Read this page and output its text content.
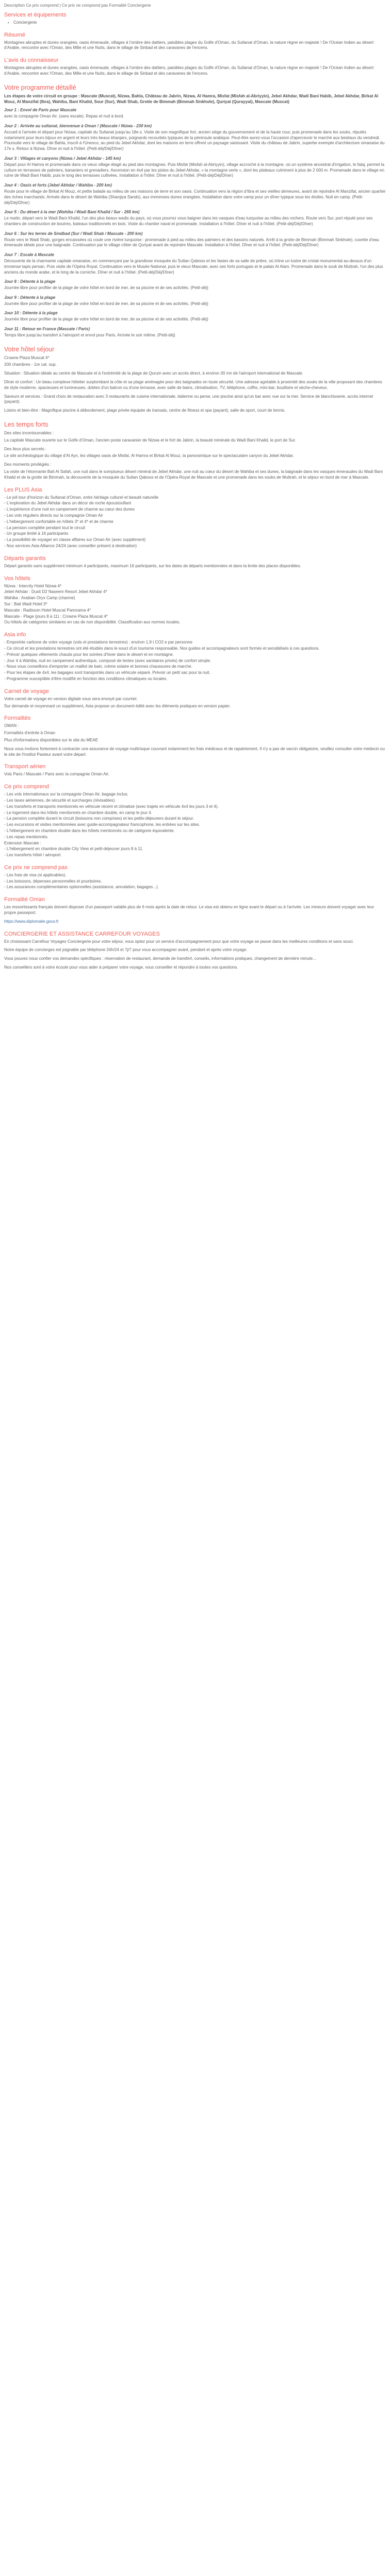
Description Ce prix comprend | Ce prix ne comprend pas Formalité Conciergerie
Services et équipements
• Conciergerie
Résumé
Montagnes abruptes et dunes orangées, oasis émeraude, villages à l'ombre des dattiers, paisibles plages du Golfe d'Oman, du Sultanat d'Oman, la nature règne en majesté ! De l'Océan Indien au désert d'Arabie, rencontre avec l'Oman, des Mille et une Nuits, dans le sillage de Sinbad et des caravanes de l'encens.
L'avis du connaisseur
Montagnes abruptes et dunes orangées, oasis émeraude, villages à l'ombre des dattiers, paisibles plages du Golfe d'Oman, du Sultanat d'Oman, la nature règne en majesté ! De l'Océan Indien au désert d'Arabie, rencontre avec l'Oman, des Mille et une Nuits, dans le sillage de Sinbad et des caravanes de l'encens.
Votre programme détaillé
Les étapes de votre circuit en groupe : Mascate (Muscat), Nizwa, Bahla, Château de Jabrin, Nizwa, Al Hamra, Misfat (Misfah al-Abriyyin), Jebel Akhdar, Wadi Bani Habib, Jebel Akhdar, Birkat Al Mouz, Al Manzifat (Ibra), Wahiba, Bani Khalid, Sour (Sur), Wadi Shab, Grotte de Bimmah (Bimmah Sinkhole), Quriyat (Qurayyat), Mascate (Muscat)
Jour 1 : Envol de Paris pour Mascate
avec la compagnie Oman Air. (sans escale). Repas et nuit à bord.
Jour 2 : Arrivée au sultanat, bienvenue à Oman ! (Mascate / Nizwa - 230 km)
Accueil à l'arrivée et départ pour Nizwa, capitale du Sultanat jusqu'au 18e s. Visite de son magnifique fort, ancien siège du gouvernement et de la haute cour, puis promenade dans les souks, réputés notamment pour leurs bijoux en argent et leurs très beaux khanjars, poignards recourbés typiques de la péninsule arabique. Peut-être aurez-vous l'occasion d'apercevoir le marché aux bestiaux du vendredi. Poursuite vers le village de Bahla, inscrit à l'Unesco, au pied du Jebel Akhdar, dont les maisons en terre offrent un paysage saisissant. Visite du château de Jabrin, superbe exemple d'architecture omanaise du 17e s. Retour à Nizwa. Dîner et nuit à l'hôtel. (Petit-déj/Déj/Dîner)
Jour 3 : Villages et canyons (Nizwa / Jebel Akhdar - 145 km)
Départ pour Al Hamra et promenade dans ce vieux village étagé au pied des montagnes. Puis Misfat (Misfah al-Abriyyin), village accroché à la montagne, où un système ancestral d'irrigation, le falaj, permet la culture en terrasses de palmiers, bananiers et grenadiers. Ascension en 4x4 par les pistes du Jebel Akhdar, « la montagne verte », dont les plateaux culminent à plus de 2 000 m. Promenade dans le village en ruine de Wadi Bani Habib, puis le long des terrasses cultivées. Installation à l'hôtel. Dîner et nuit à l'hôtel. (Petit-déj/Déj/Dîner)
Jour 4 : Oasis et forts (Jebel Akhdar / Wahiba - 200 km)
Route pour le village de Birkat Al Mouz, et petite balade au milieu de ses maisons de terre et son oasis. Continuation vers la région d'Ibra et ses vieilles demeures, avant de rejoindre Al Manzifat, ancien quartier des riches marchands. Arrivée dans le désert de Wahiba (Sharqiya Sands), aux immenses dunes orangées. Installation dans votre camp pour un dîner typique sous les étoiles. Nuit en camp. (Petit-déj/Déj/Dîner)
Jour 5 : Du désert à la mer (Wahiba / Wadi Bani Khalid / Sur - 265 km)
Le matin, départ vers le Wadi Bani Khalid, l'un des plus beaux wadis du pays, où vous pourrez vous baigner dans les vasques d'eau turquoise au milieu des rochers. Route vers Sur, port réputé pour ses chantiers de construction de boutres, bateaux traditionnels en bois. Visite du chantier naval et promenade. Installation à l'hôtel. Dîner et nuit à l'hôtel. (Petit-déj/Déj/Dîner)
Jour 6 : Sur les terres de Sindbad (Sur / Wadi Shab / Mascate - 200 km)
Route vers le Wadi Shab, gorges encaissées où coule une rivière turquoise : promenade à pied au milieu des palmiers et des bassins naturels. Arrêt à la grotte de Bimmah (Bimmah Sinkhole), cuvette d'eau émeraude idéale pour une baignade. Continuation par le village côtier de Quriyat avant de rejoindre Mascate. Installation à l'hôtel. Dîner et nuit à l'hôtel. (Petit-déj/Déj/Dîner)
Jour 7 : Escale à Mascate
Découverte de la charmante capitale omanaise, en commençant par la grandiose mosquée du Sultan Qaboos et les fastes de sa salle de prière, où trône un lustre de cristal monumental au-dessus d'un immense tapis persan. Puis visite de l'Opéra Royal. Continuation vers le Musée National, puis le vieux Mascate, avec ses forts portugais et le palais Al Alam. Promenade dans le souk de Muttrah, l'un des plus anciens du monde arabe, et le long de la corniche. Dîner et nuit à l'hôtel. (Petit-déj/Déj/Dîner)
Jour 8 : Détente à la plage
Journée libre pour profiter de la plage de votre hôtel en bord de mer, de sa piscine et de ses activités. (Petit-déj)
Jour 9 : Détente à la plage
Journée libre pour profiter de la plage de votre hôtel en bord de mer, de sa piscine et de ses activités. (Petit-déj)
Jour 10 : Détente à la plage
Journée libre pour profiter de la plage de votre hôtel en bord de mer, de sa piscine et de ses activités. (Petit-déj)
Jour 11 : Retour en France (Mascate / Paris)
Temps libre jusqu'au transfert à l'aéroport et envol pour Paris. Arrivée le soir même. (Petit-déj)
Votre hôtel séjour
Crowne Plaza Muscat 4*
200 chambres - 1re cat. sup.
Situation : Situation idéale au centre de Mascate et à l'extrémité de la plage de Qurum avec un accès direct, à environ 30 mn de l'aéroport international de Mascate.
Dîner et confort : Un beau complexe hôtelier surplombant la côte et sa plage aménagée pour des baignades en toute sécurité. Une adresse agréable à proximité des souks de la ville proposant des chambres de style moderne, spacieuses et lumineuses, dotées d'un balcon ou d'une terrasse, avec salle de bains, climatisation, TV, téléphone, coffre, mini-bar, bouilloire et sèche-cheveux.
Saveurs et services : Grand choix de restauration avec 3 restaurants de cuisine internationale, italienne ou perse, une piscine ainsi qu'un bar avec vue sur la mer. Service de blanchisserie, accès internet (payant).
Loisirs et bien-être : Magnifique piscine à débordement, plage privée équipée de transats, centre de fitness et spa (payant), salle de sport, court de tennis.
Les temps forts
Des sites incontournables :
La capitale Mascate ouverte sur le Golfe d'Oman, l'ancien poste caravanier de Nizwa et le fort de Jabrin, la beauté minérale du Wadi Bani Khalid, le port de Sur.
Des lieux plus secrets :
Le site archéologique du village d'Al Ayn, les villages oasis de Misfat, Al Hamra et Birkat Al Mouz, la panoramique sur le spectaculaire canyon du Jebel Akhdar.
Des moments privilégiés :
La visite de l'étonnante Bait Al Safah, une nuit dans le somptueux désert minéral de Jebel Akhdar, une nuit au cœur du désert de Wahiba et ses dunes, la baignade dans les vasques émeraudes du Wadi Bani Khalid et de la grotte de Bimmah, la découverte de la mosquée du Sultan Qaboos et de l'Opéra Royal de Mascate et une promenade dans les souks de Muttrah, et le séjour en bord de mer à Mascate.
Les PLUS Asia
- Le joli tour d'horizon du Sultanat d'Oman, entre héritage culturel et beauté naturelle
- L'exploration du Jebel Akhdar dans un décor de roche époustouflant
- L'expérience d'une nuit en campement de charme au cœur des dunes
- Les vols réguliers directs sur la compagnie Oman Air
- L'hébergement confortable en hôtels 3* et 4* et de charme
- La pension complète pendant tout le circuit
- Un groupe limité à 16 participants
- La possibilité de voyager en classe affaires sur Oman Air (avec supplément)
- Nos services Asia Alliance 24/24 (avec conseiller présent à destination)
Départs garantis
Départ garantis sans supplément minimum 4 participants, maximum 16 participants, sur les dates de départs mentionnées et dans la limite des places disponibles.
Vos hôtels
Nizwa : Intercity Hotel Nizwa 4*
Jebel Akhdar : Dusit D2 Naseem Resort Jebel Akhdar 4*
Wahiba : Arabian Oryx Camp (charme)
Sur : Bait Wadi Hotel 3*
Mascate : Radisson Hotel Muscat Panorama 4*
Mascate - Plage (jours 8 à 11) : Crowne Plaza Muscat 4*
Ou hôtels de catégories similaires en cas de non disponibilité. Classification aux normes locales.
Asia info
- Empreinte carbone de votre voyage (vols et prestations terrestres) : environ 1,9 t CO2 e par personne
- Ce circuit et les prestations terrestres ont été étudiés dans le souci d'un tourisme responsable. Nos guides et accompagnateurs sont formés et sensibilisés à ces questions.
- Prévoir quelques vêtements chauds pour les soirées d'hiver dans le désert et en montagne.
- Jour 4 à Wahiba, nuit en campement authentique, composé de tentes (avec sanitaires privés) de confort simple.
- Nous vous conseillons d'emporter un maillot de bain, crème solaire et bonnes chaussures de marche.
- Pour les étapes de 4x4, les bagages sont transportés dans un véhicule séparé. Prévoir un petit sac pour la nuit.
- Programme susceptible d'être modifié en fonction des conditions climatiques ou locales.
Carnet de voyage
Votre carnet de voyage en version digitale vous sera envoyé par courriel.
Sur demande et moyennant un supplément, Asia propose un document édité avec les éléments pratiques en version papier.
Formalités
OMAN :
Formalités d'entrée à Oman
Plus d'informations disponibles sur le site du MEAE
Nous vous invitons fortement à contracter une assurance de voyage multirisque couvrant notamment les frais médicaux et de rapatriement. Il n'y a pas de vaccin obligatoire, veuillez consulter votre médecin ou le site de l'Institut Pasteur avant votre départ.
Transport aérien
Vols Paris / Mascate / Paris avec la compagnie Oman Air.
Ce prix comprend
- Les vols internationaux sur la compagnie Oman Air, bagage inclus.
- Les taxes aériennes, de sécurité et surcharges (révisables).
- Les transferts et transports mentionnés en véhicule récent et climatisé (avec trajets en véhicule 4x4 les jours 3 et 4).
- Le logement dans les hôtels mentionnés en chambre double, en camp le jour 4.
- La pension complète durant le circuit (boissons non comprises) et les petits-déjeuners durant le séjour.
- Les excursions et visites mentionnées avec guide-accompagnateur francophone, les entrées sur les sites.
- L'hébergement en chambre double dans les hôtels mentionnés ou de catégorie équivalente.
- Les repas mentionnés.
Extension Mascate :
- L'hébergement en chambre double City View et petit-déjeuner jours 8 à 11.
- Les transferts hôtel / aéroport.
Ce prix ne comprend pas
- Les frais de visa (si applicables).
- Les boissons, dépenses personnelles et pourboires.
- Les assurances complémentaires optionnelles (assistance, annulation, bagages...).
Formalité Oman
Les ressortissants français doivent disposer d'un passeport valable plus de 6 mois après la date de retour. Le visa est obtenu en ligne avant le départ ou à l'arrivée. Les mineurs doivent voyager avec leur propre passeport.
https://www.diplomatie.gouv.fr
CONCIERGERIE ET ASSISTANCE CARREFOUR VOYAGES
En choisissant Carrefour Voyages Conciergerie pour votre séjour, vous optez pour un service d'accompagnement pour que votre voyage se passe dans les meilleures conditions et sans souci.
Notre équipe de concierges est joignable par téléphone 24h/24 et 7j/7 pour vous accompagner avant, pendant et après votre voyage.
Vous pouvez nous confier vos demandes spécifiques : réservation de restaurant, demande de transfert, conseils, informations pratiques, changement de dernière minute...
Nos conseillers sont à votre écoute pour vous aider à préparer votre voyage, vous conseiller et répondre à toutes vos questions.
